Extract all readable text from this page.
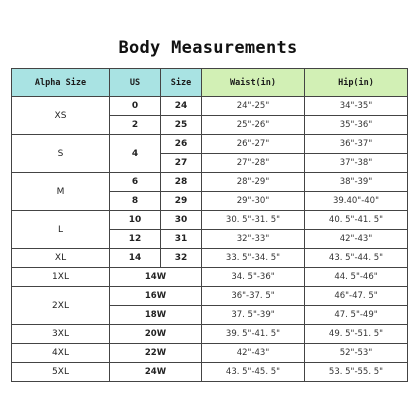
Body Measurements
Alpha Size	US	Size	Waist(in)	Hip(in)
XS	0	24	24"-25"	34"-35"
	2	25	25"-26"	35"-36"
S	4	26	26"-27"	36"-37"
		27	27"-28"	37"-38"
M	6	28	28"-29"	38"-39"
	8	29	29"-30"	39.40"-40"
L	10	30	30. 5"-31. 5"	40. 5"-41. 5"
	12	31	32"-33"	42"-43"
XL	14	32	33. 5"-34. 5"	43. 5"-44. 5"
1XL	14W		34. 5"-36"	44. 5"-46"
2XL	16W		36"-37. 5"	46"-47. 5"
	18W		37. 5"-39"	47. 5"-49"
3XL	20W		39. 5"-41. 5"	49. 5"-51. 5"
4XL	22W		42"-43"	52"-53"
5XL	24W		43. 5"-45. 5"	53. 5"-55. 5"
